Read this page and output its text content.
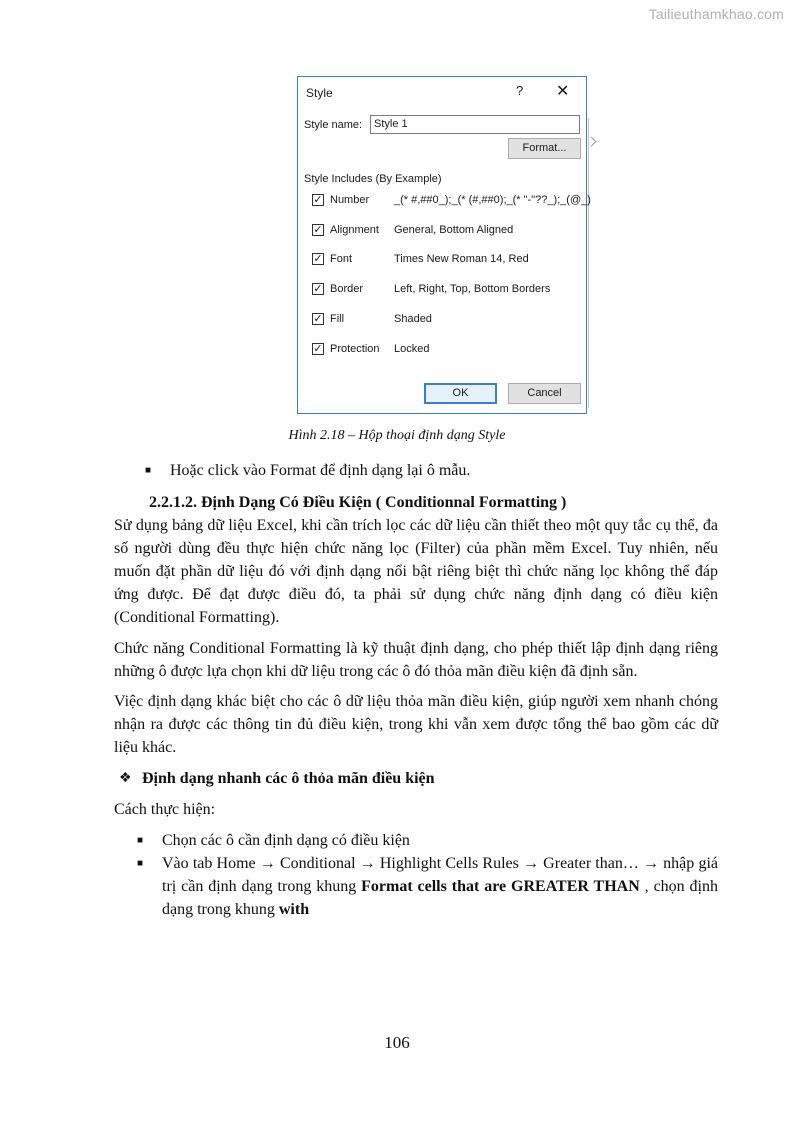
Tailieuthamkhao.com
Style	? ✕
Style name:	Style 1
Format...
Style Includes (By Example)
✓ Number _(* #,##0_);_(* (#,##0);_(* "-"??_);_(@_)
✓ Alignment General, Bottom Aligned
✓ Font	Times New Roman 14, Red
✓ Border	Left, Right, Top, Bottom Borders
✓ Fill	Shaded
✓ Protection Locked
OK	Cancel
Hình 2.18 – Hộp thoại định dạng Style
■ Hoặc click vào Format để định dạng lại ô mẫu.
2.2.1.2. Định Dạng Có Điều Kiện ( Conditionnal Formatting )
Sử dụng bảng dữ liệu Excel, khi cần trích lọc các dữ liệu cần thiết theo một quy tắc cụ thể, đa số người dùng đều thực hiện chức năng lọc (Filter) của phần mềm Excel. Tuy nhiên, nếu muốn đặt phần dữ liệu đó với định dạng nổi bật riêng biệt thì chức năng lọc không thể đáp ứng được. Để đạt được điều đó, ta phải sử dụng chức năng định dạng có điều kiện (Conditional Formatting).
Chức năng Conditional Formatting là kỹ thuật định dạng, cho phép thiết lập định dạng riêng những ô được lựa chọn khi dữ liệu trong các ô đó thỏa mãn điều kiện đã định sẵn.
Việc định dạng khác biệt cho các ô dữ liệu thỏa mãn điều kiện, giúp người xem nhanh chóng nhận ra được các thông tin đủ điều kiện, trong khi vẫn xem được tổng thể bao gồm các dữ liệu khác.
❖ Định dạng nhanh các ô thỏa mãn điều kiện
Cách thực hiện:
■ Chọn các ô cần định dạng có điều kiện
■ Vào tab Home → Conditional → Highlight Cells Rules → Greater than… → nhập giá trị cần định dạng trong khung Format cells that are GREATER THAN , chọn định dạng trong khung with
106
